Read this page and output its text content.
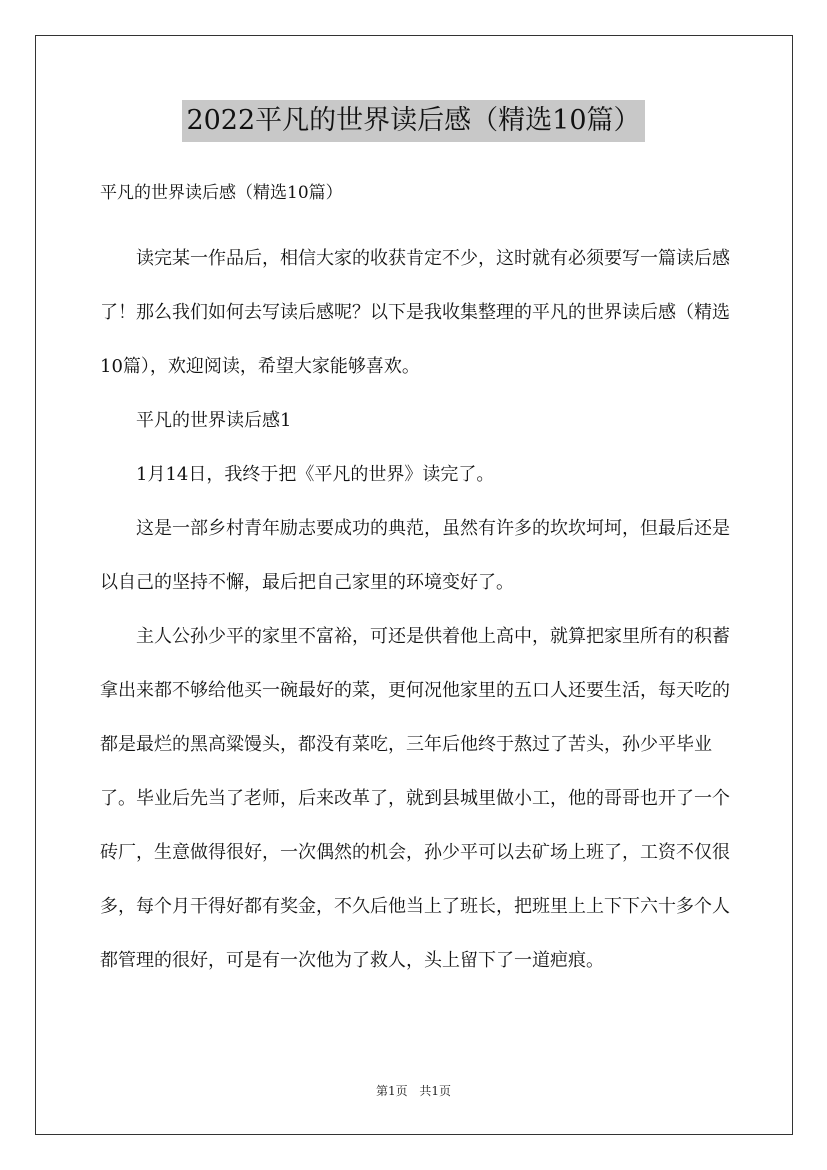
2022平凡的世界读后感（精选10篇）
平凡的世界读后感（精选10篇）

读完某一作品后，相信大家的收获肯定不少，这时就有必须要写一篇读后感了！那么我们如何去写读后感呢？以下是我收集整理的平凡的世界读后感（精选10篇），欢迎阅读，希望大家能够喜欢。

平凡的世界读后感1

1月14日，我终于把《平凡的世界》读完了。

这是一部乡村青年励志要成功的典范，虽然有许多的坎坎坷坷，但最后还是以自己的坚持不懈，最后把自己家里的环境变好了。

主人公孙少平的家里不富裕，可还是供着他上高中，就算把家里所有的积蓄拿出来都不够给他买一碗最好的菜，更何况他家里的五口人还要生活，每天吃的都是最烂的黑高粱馒头，都没有菜吃，三年后他终于熬过了苦头，孙少平毕业了。毕业后先当了老师，后来改革了，就到县城里做小工，他的哥哥也开了一个砖厂，生意做得很好，一次偶然的机会，孙少平可以去矿场上班了，工资不仅很多，每个月干得好都有奖金，不久后他当上了班长，把班里上上下下六十多个人都管理的很好，可是有一次他为了救人，头上留下了一道疤痕。

第1页 共1页
